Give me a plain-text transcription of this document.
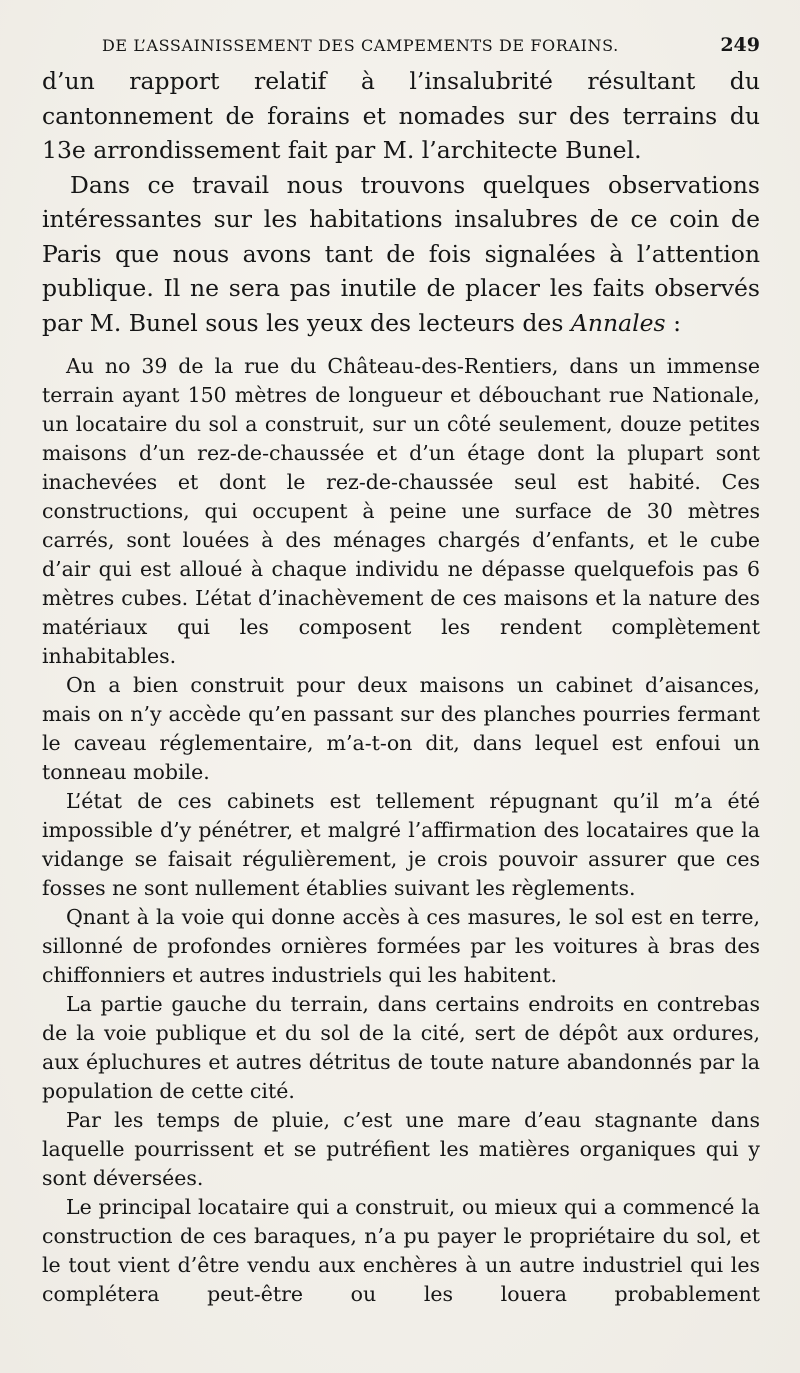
DE L’ASSAINISSEMENT DES CAMPEMENTS DE FORAINS.	249

d’un rapport relatif à l’insalubrité résultant du cantonnement de forains et nomades sur des terrains du 13e arrondissement fait par M. l’architecte Bunel.

Dans ce travail nous trouvons quelques observations intéressantes sur les habitations insalubres de ce coin de Paris que nous avons tant de fois signalées à l’attention publique. Il ne sera pas inutile de placer les faits observés par M. Bunel sous les yeux des lecteurs des Annales :

Au no 39 de la rue du Château-des-Rentiers, dans un immense terrain ayant 150 mètres de longueur et débouchant rue Nationale, un locataire du sol a construit, sur un côté seulement, douze petites maisons d’un rez-de-chaussée et d’un étage dont la plupart sont inachevées et dont le rez-de-chaussée seul est habité. Ces constructions, qui occupent à peine une surface de 30 mètres carrés, sont louées à des ménages chargés d’enfants, et le cube d’air qui est alloué à chaque individu ne dépasse quelquefois pas 6 mètres cubes. L’état d’inachèvement de ces maisons et la nature des matériaux qui les composent les rendent complètement inhabitables.

On a bien construit pour deux maisons un cabinet d’aisances, mais on n’y accède qu’en passant sur des planches pourries fermant le caveau réglementaire, m’a-t-on dit, dans lequel est enfoui un tonneau mobile.

L’état de ces cabinets est tellement répugnant qu’il m’a été impossible d’y pénétrer, et malgré l’affirmation des locataires que la vidange se faisait régulièrement, je crois pouvoir assurer que ces fosses ne sont nullement établies suivant les règlements.

Qnant à la voie qui donne accès à ces masures, le sol est en terre, sillonné de profondes ornières formées par les voitures à bras des chiffonniers et autres industriels qui les habitent.

La partie gauche du terrain, dans certains endroits en contrebas de la voie publique et du sol de la cité, sert de dépôt aux ordures, aux épluchures et autres détritus de toute nature abandonnés par la population de cette cité.

Par les temps de pluie, c’est une mare d’eau stagnante dans laquelle pourrissent et se putréfient les matières organiques qui y sont déversées.

Le principal locataire qui a construit, ou mieux qui a commencé la construction de ces baraques, n’a pu payer le propriétaire du sol, et le tout vient d’être vendu aux enchères à un autre industriel qui les complétera peut-être ou les louera probablement
